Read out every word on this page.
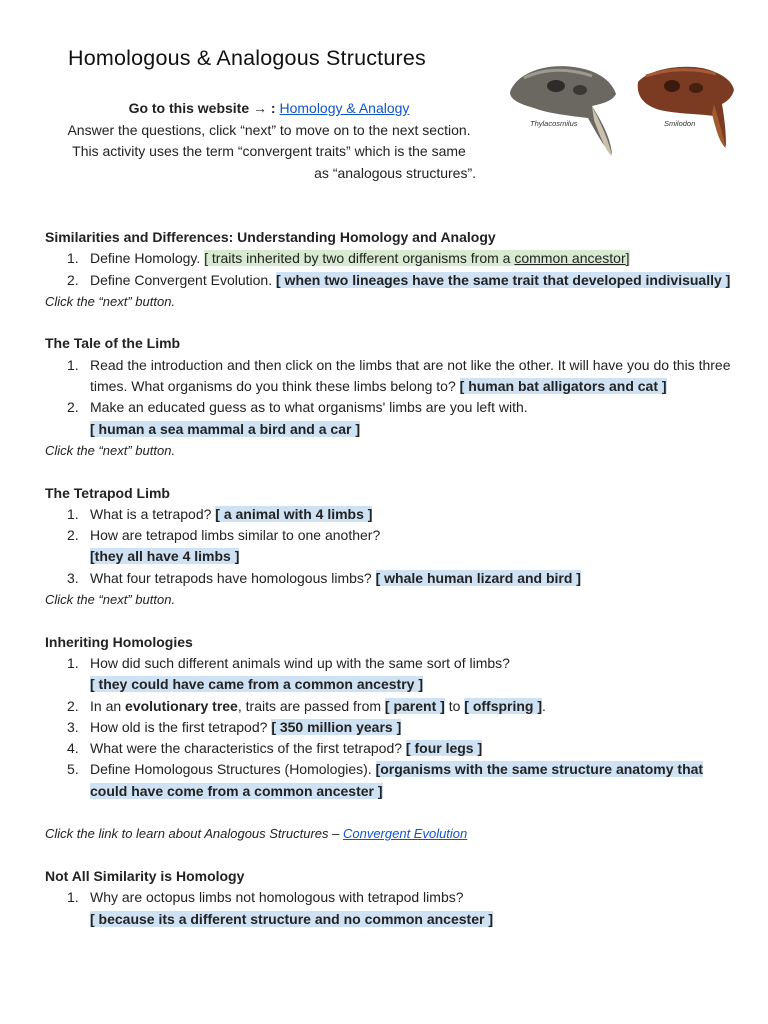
Homologous & Analogous Structures
Go to this website → : Homology & Analogy
Answer the questions, click “next” to move on to the next section.
This activity uses the term “convergent traits” which is the same
as “analogous structures”.
Thylacosmilus	Smilodon
Similarities and Differences: Understanding Homology and Analogy
1. Define Homology. [ traits inherited by two different organisms from a common ancestor]
2. Define Convergent Evolution. [ when two lineages have the same trait that developed indivisually ]
Click the “next” button.
The Tale of the Limb
1. Read the introduction and then click on the limbs that are not like the other. It will have you do this three times. What organisms do you think these limbs belong to? [ human bat alligators and cat ]
2. Make an educated guess as to what organisms' limbs are you left with.
[ human a sea mammal a bird and a car ]
Click the “next” button.
The Tetrapod Limb
1. What is a tetrapod? [ a animal with 4 limbs ]
2. How are tetrapod limbs similar to one another?
[they all have 4 limbs ]
3. What four tetrapods have homologous limbs? [ whale human lizard and bird ]
Click the “next” button.
Inheriting Homologies
1. How did such different animals wind up with the same sort of limbs?
[ they could have came from a common ancestry ]
2. In an evolutionary tree, traits are passed from [ parent ] to [ offspring ].
3. How old is the first tetrapod? [ 350 million years ]
4. What were the characteristics of the first tetrapod? [ four legs ]
5. Define Homologous Structures (Homologies). [organisms with the same structure anatomy that could have come from a common ancester ]
Click the link to learn about Analogous Structures – Convergent Evolution
Not All Similarity is Homology
1. Why are octopus limbs not homologous with tetrapod limbs?
[ because its a different structure and no common ancester ]
